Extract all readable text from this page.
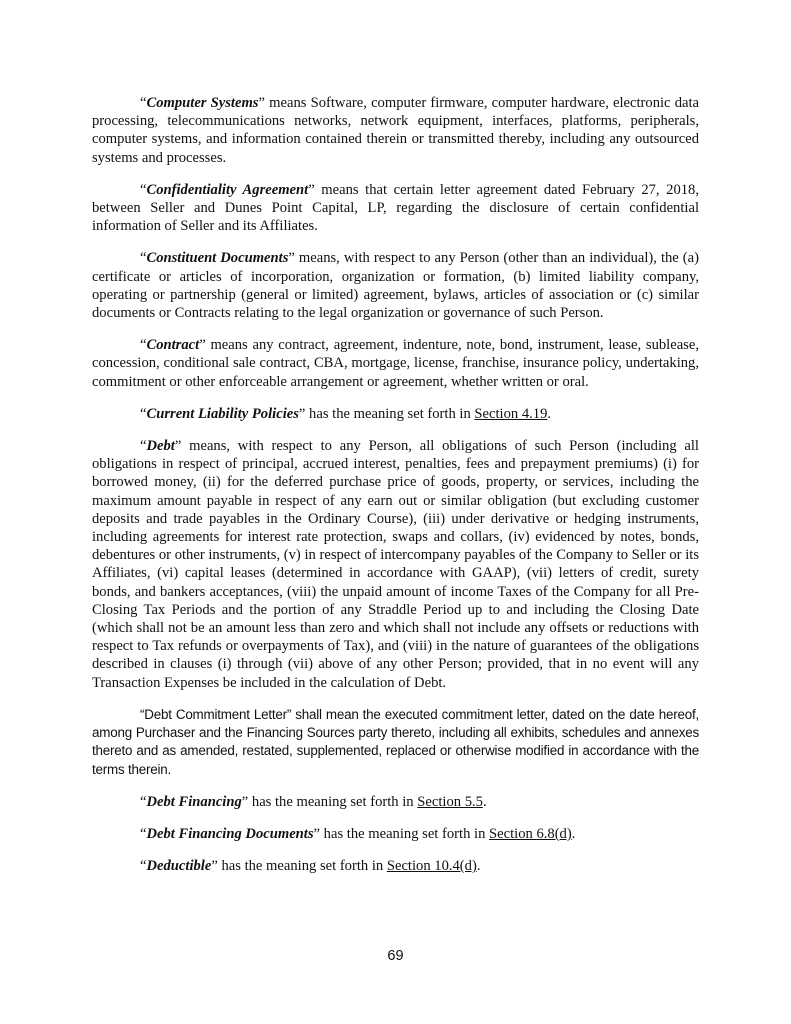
“Computer Systems” means Software, computer firmware, computer hardware, electronic data processing, telecommunications networks, network equipment, interfaces, platforms, peripherals, computer systems, and information contained therein or transmitted thereby, including any outsourced systems and processes.

“Confidentiality Agreement” means that certain letter agreement dated February 27, 2018, between Seller and Dunes Point Capital, LP, regarding the disclosure of certain confidential information of Seller and its Affiliates.

“Constituent Documents” means, with respect to any Person (other than an individual), the (a) certificate or articles of incorporation, organization or formation, (b) limited liability company, operating or partnership (general or limited) agreement, bylaws, articles of association or (c) similar documents or Contracts relating to the legal organization or governance of such Person.

“Contract” means any contract, agreement, indenture, note, bond, instrument, lease, sublease, concession, conditional sale contract, CBA, mortgage, license, franchise, insurance policy, undertaking, commitment or other enforceable arrangement or agreement, whether written or oral.

“Current Liability Policies” has the meaning set forth in Section 4.19.

“Debt” means, with respect to any Person, all obligations of such Person (including all obligations in respect of principal, accrued interest, penalties, fees and prepayment premiums) (i) for borrowed money, (ii) for the deferred purchase price of goods, property, or services, including the maximum amount payable in respect of any earn out or similar obligation (but excluding customer deposits and trade payables in the Ordinary Course), (iii) under derivative or hedging instruments, including agreements for interest rate protection, swaps and collars, (iv) evidenced by notes, bonds, debentures or other instruments, (v) in respect of intercompany payables of the Company to Seller or its Affiliates, (vi) capital leases (determined in accordance with GAAP), (vii) letters of credit, surety bonds, and bankers acceptances, (viii) the unpaid amount of income Taxes of the Company for all Pre-Closing Tax Periods and the portion of any Straddle Period up to and including the Closing Date (which shall not be an amount less than zero and which shall not include any offsets or reductions with respect to Tax refunds or overpayments of Tax), and (viii) in the nature of guarantees of the obligations described in clauses (i) through (vii) above of any other Person; provided, that in no event will any Transaction Expenses be included in the calculation of Debt.

“Debt Commitment Letter” shall mean the executed commitment letter, dated on the date hereof, among Purchaser and the Financing Sources party thereto, including all exhibits, schedules and annexes thereto and as amended, restated, supplemented, replaced or otherwise modified in accordance with the terms therein.

“Debt Financing” has the meaning set forth in Section 5.5.

“Debt Financing Documents” has the meaning set forth in Section 6.8(d).

“Deductible” has the meaning set forth in Section 10.4(d).

69
